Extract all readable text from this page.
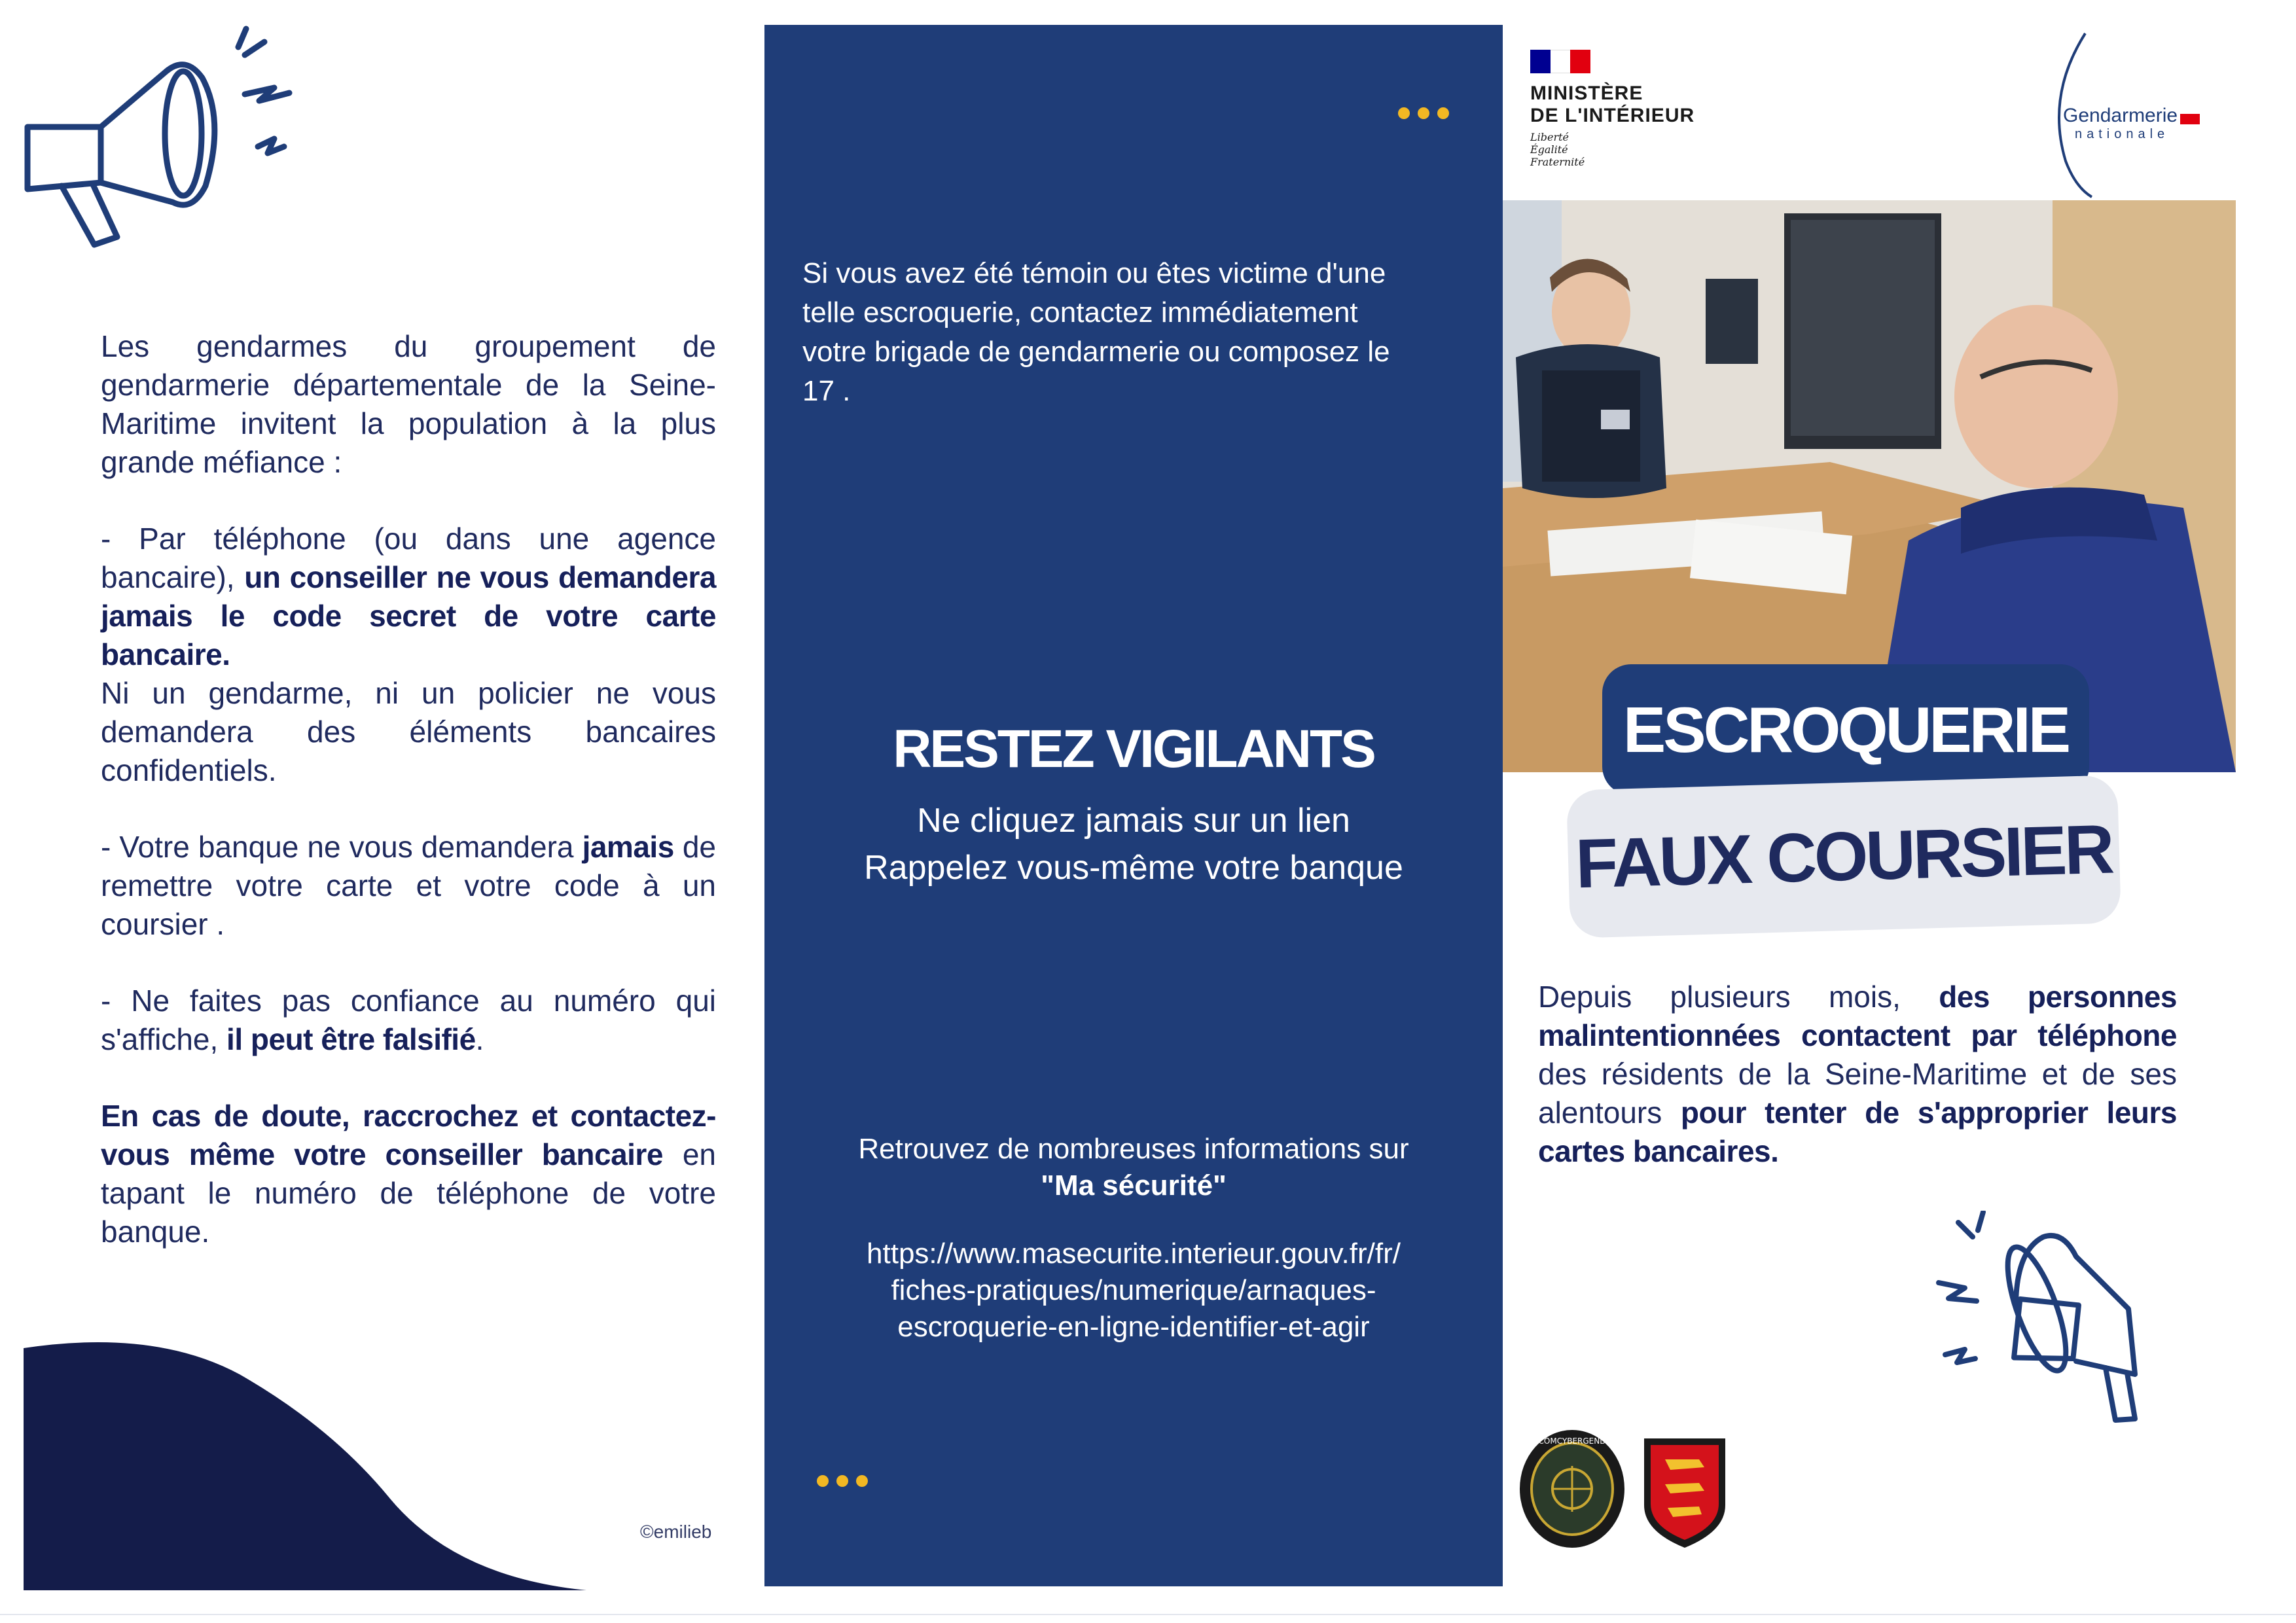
Les gendarmes du groupement de gendarmerie départementale de la Seine-Maritime invitent la population à la plus grande méfiance :

- Par téléphone (ou dans une agence bancaire), un conseiller ne vous demandera jamais le code secret de votre carte bancaire.

Ni un gendarme, ni un policier ne vous demandera des éléments bancaires confidentiels.

- Votre banque ne vous demandera jamais de remettre votre carte et votre code à un coursier .

- Ne faites pas confiance au numéro qui s'affiche, il peut être falsifié.

En cas de doute, raccrochez et contactez-vous même votre conseiller bancaire en tapant le numéro de téléphone de votre banque.

©emilieb
Si vous avez été témoin ou êtes victime d'une telle escroquerie, contactez immédiatement votre brigade de gendarmerie ou composez le 17 .
RESTEZ VIGILANTS
Ne cliquez jamais sur un lien
Rappelez vous-même votre banque
Retrouvez de nombreuses informations sur
"Ma sécurité"
https://www.masecurite.interieur.gouv.fr/fr/
fiches-pratiques/numerique/arnaques-
escroquerie-en-ligne-identifier-et-agir
MINISTÈRE
DE L'INTÉRIEUR
Liberté
Égalité
Fraternité
Gendarmerie
nationale
ESCROQUERIE
FAUX COURSIER
Depuis plusieurs mois, des personnes malintentionnées contactent par téléphone des résidents de la Seine-Maritime et de ses alentours pour tenter de s'approprier leurs cartes bancaires.
COMCYBERGEND
